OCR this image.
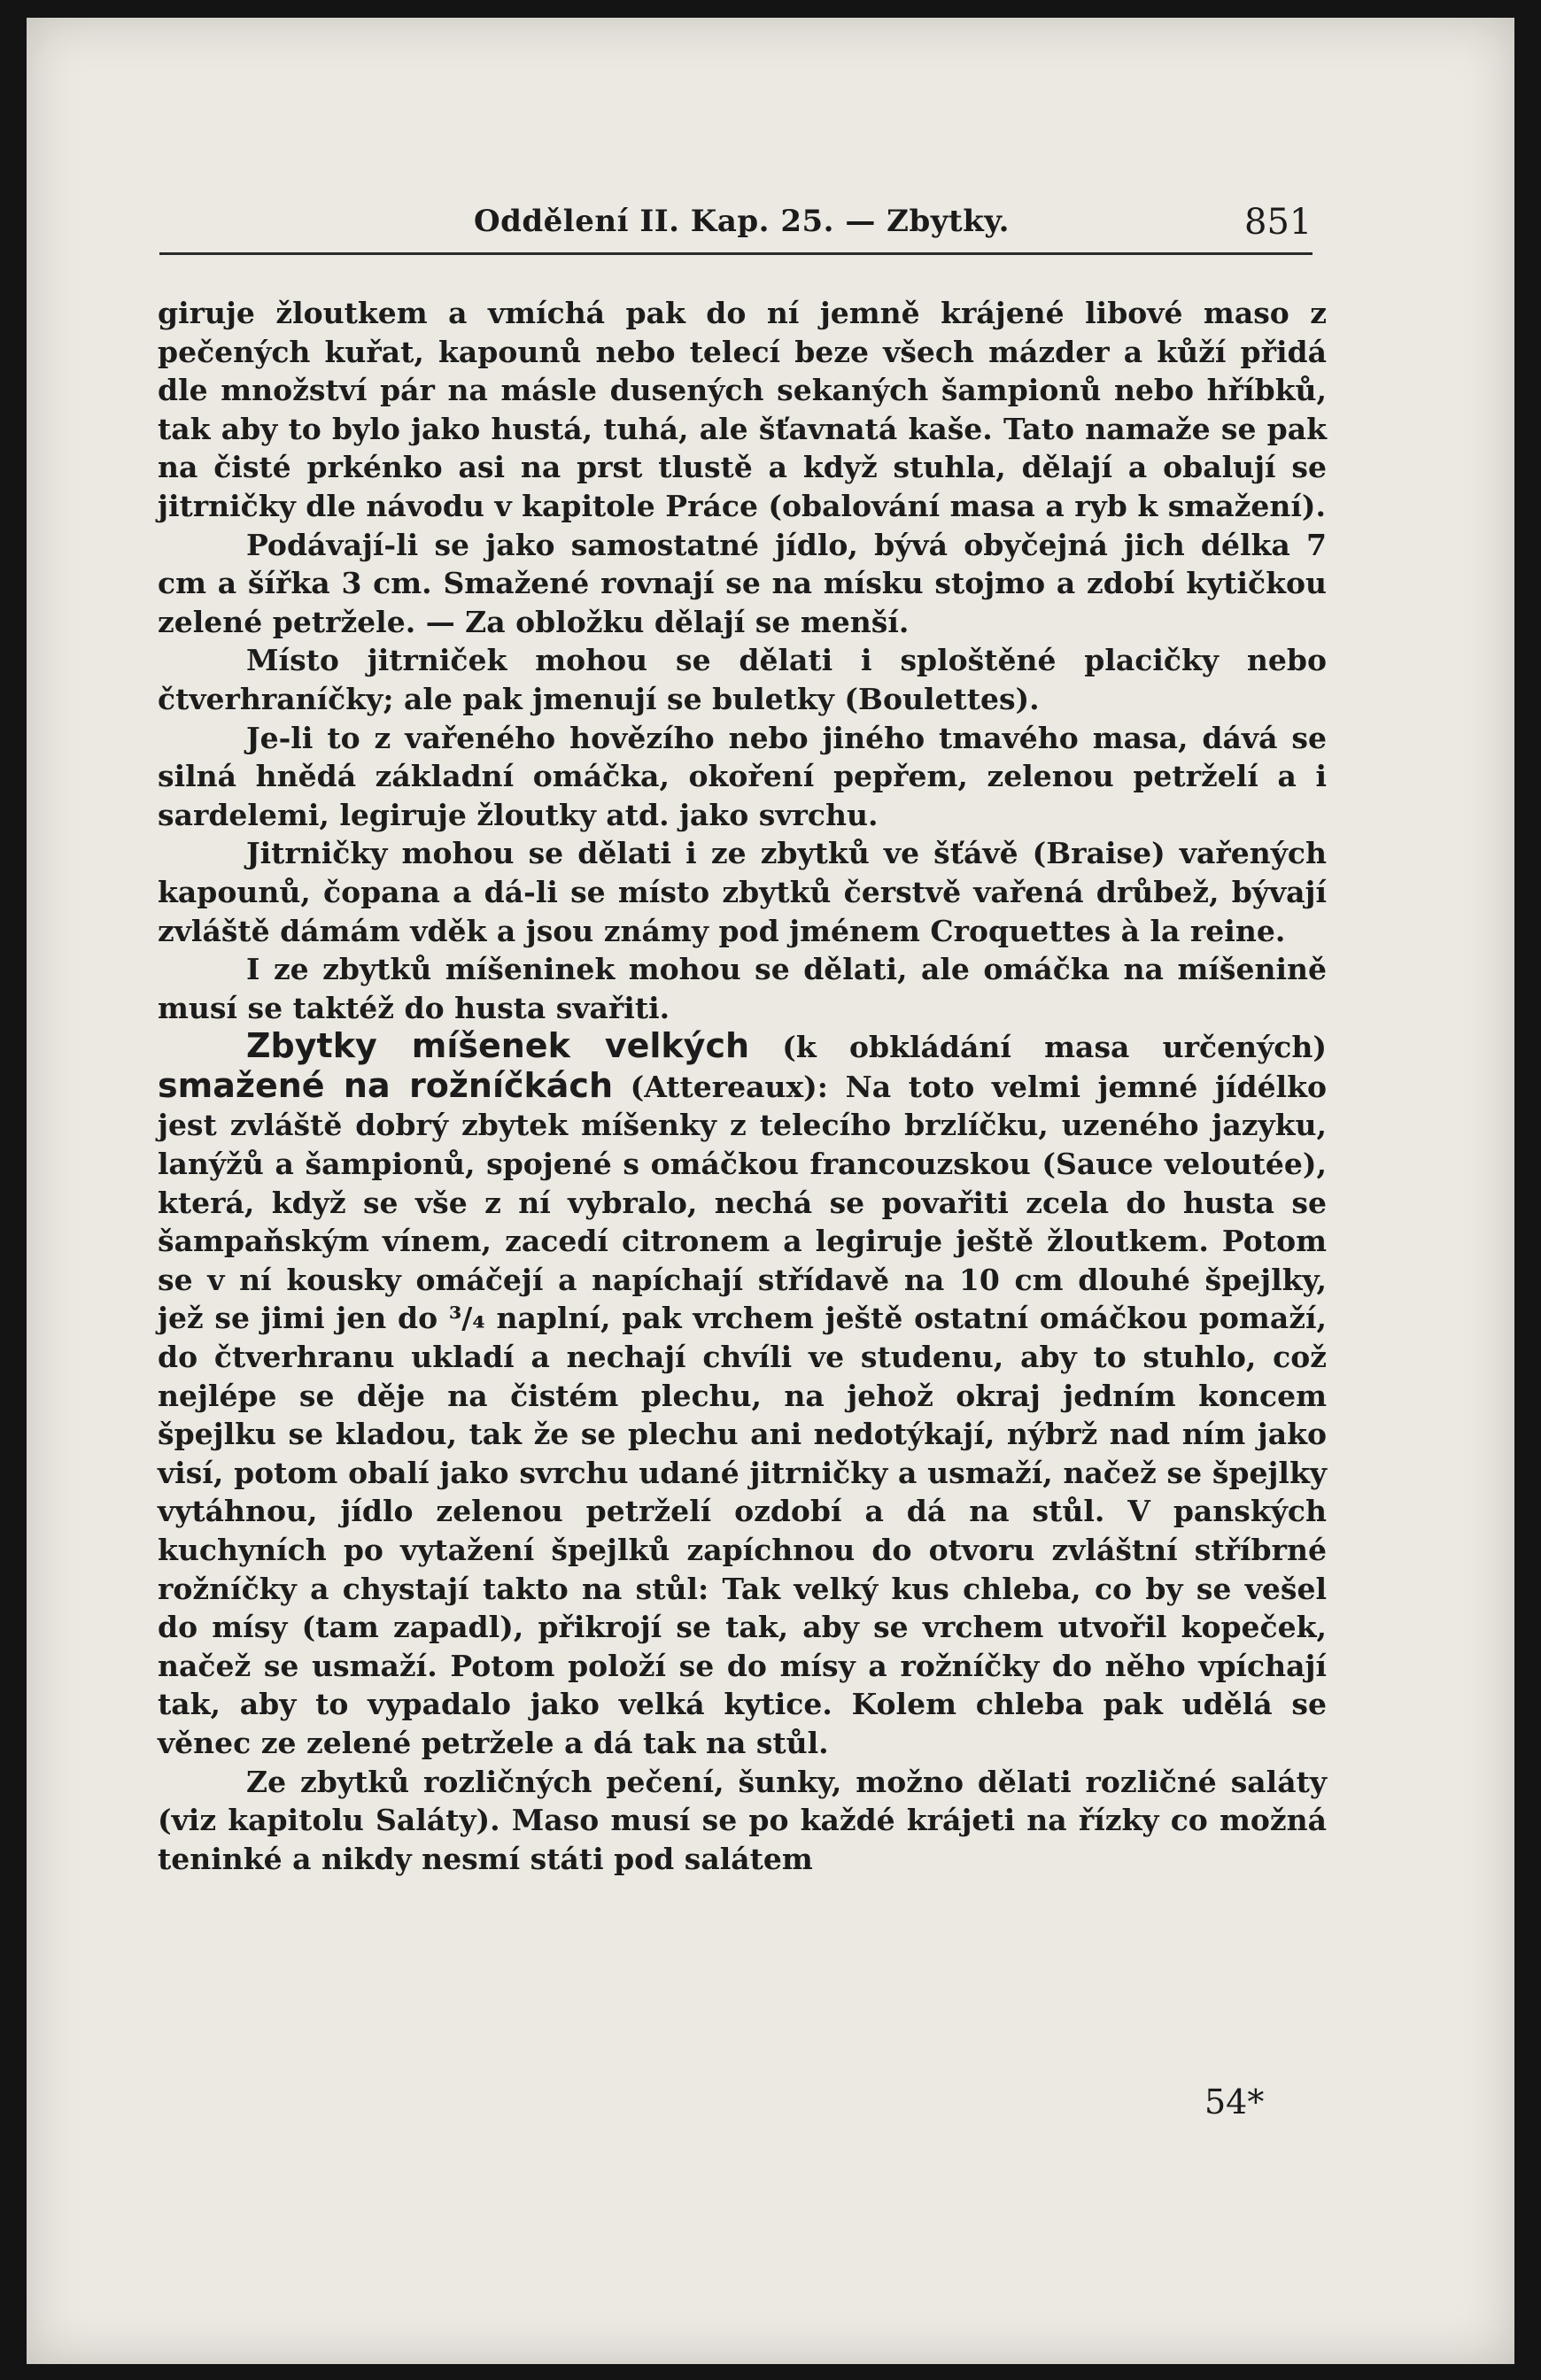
Oddělení II. Kap. 25. — Zbytky.	851

giruje žloutkem a vmíchá pak do ní jemně krájené libové maso z pečených kuřat, kapounů nebo telecí beze všech mázder a kůží přidá dle množství pár na másle dusených sekaných šampionů nebo hříbků, tak aby to bylo jako hustá, tuhá, ale šťavnatá kaše. Tato namaže se pak na čisté prkénko asi na prst tlustě a když stuhla, dělají a obalují se jitrničky dle návodu v kapitole Práce (obalování masa a ryb k smažení).

Podávají-li se jako samostatné jídlo, bývá obyčejná jich délka 7 cm a šířka 3 cm. Smažené rovnají se na mísku stojmo a zdobí kytičkou zelené petržele. — Za obložku dělají se menší.

Místo jitrniček mohou se dělati i sploštěné placičky nebo čtverhraníčky; ale pak jmenují se buletky (Boulettes).

Je-li to z vařeného hovězího nebo jiného tmavého masa, dává se silná hnědá základní omáčka, okoření pepřem, zelenou petrželí a i sardelemi, legiruje žloutky atd. jako svrchu.

Jitrničky mohou se dělati i ze zbytků ve šťávě (Braise) vařených kapounů, čopana a dá-li se místo zbytků čerstvě vařená drůbež, bývají zvláště dámám vděk a jsou známy pod jménem Croquettes à la reine.

I ze zbytků míšeninek mohou se dělati, ale omáčka na míšenině musí se taktéž do husta svařiti.

Zbytky míšenek velkých (k obkládání masa určených) smažené na rožníčkách (Attereaux): Na toto velmi jemné jídélko jest zvláště dobrý zbytek míšenky z telecího brzlíčku, uzeného jazyku, lanýžů a šampionů, spojené s omáčkou francouzskou (Sauce veloutée), která, když se vše z ní vybralo, nechá se povařiti zcela do husta se šampaňským vínem, zacedí citronem a legiruje ještě žloutkem. Potom se v ní kousky omáčejí a napíchají střídavě na 10 cm dlouhé špejlky, jež se jimi jen do ³/₄ naplní, pak vrchem ještě ostatní omáčkou pomaží, do čtverhranu ukladí a nechají chvíli ve studenu, aby to stuhlo, což nejlépe se děje na čistém plechu, na jehož okraj jedním koncem špejlku se kladou, tak že se plechu ani nedotýkají, nýbrž nad ním jako visí, potom obalí jako svrchu udané jitrničky a usmaží, načež se špejlky vytáhnou, jídlo zelenou petrželí ozdobí a dá na stůl. V panských kuchyních po vytažení špejlků zapíchnou do otvoru zvláštní stříbrné rožníčky a chystají takto na stůl: Tak velký kus chleba, co by se vešel do mísy (tam zapadl), přikrojí se tak, aby se vrchem utvořil kopeček, načež se usmaží. Potom položí se do mísy a rožníčky do něho vpíchají tak, aby to vypadalo jako velká kytice. Kolem chleba pak udělá se věnec ze zelené petržele a dá tak na stůl.

Ze zbytků rozličných pečení, šunky, možno dělati rozličné saláty (viz kapitolu Saláty). Maso musí se po každé krájeti na řízky co možná teninké a nikdy nesmí státi pod salátem

54*
